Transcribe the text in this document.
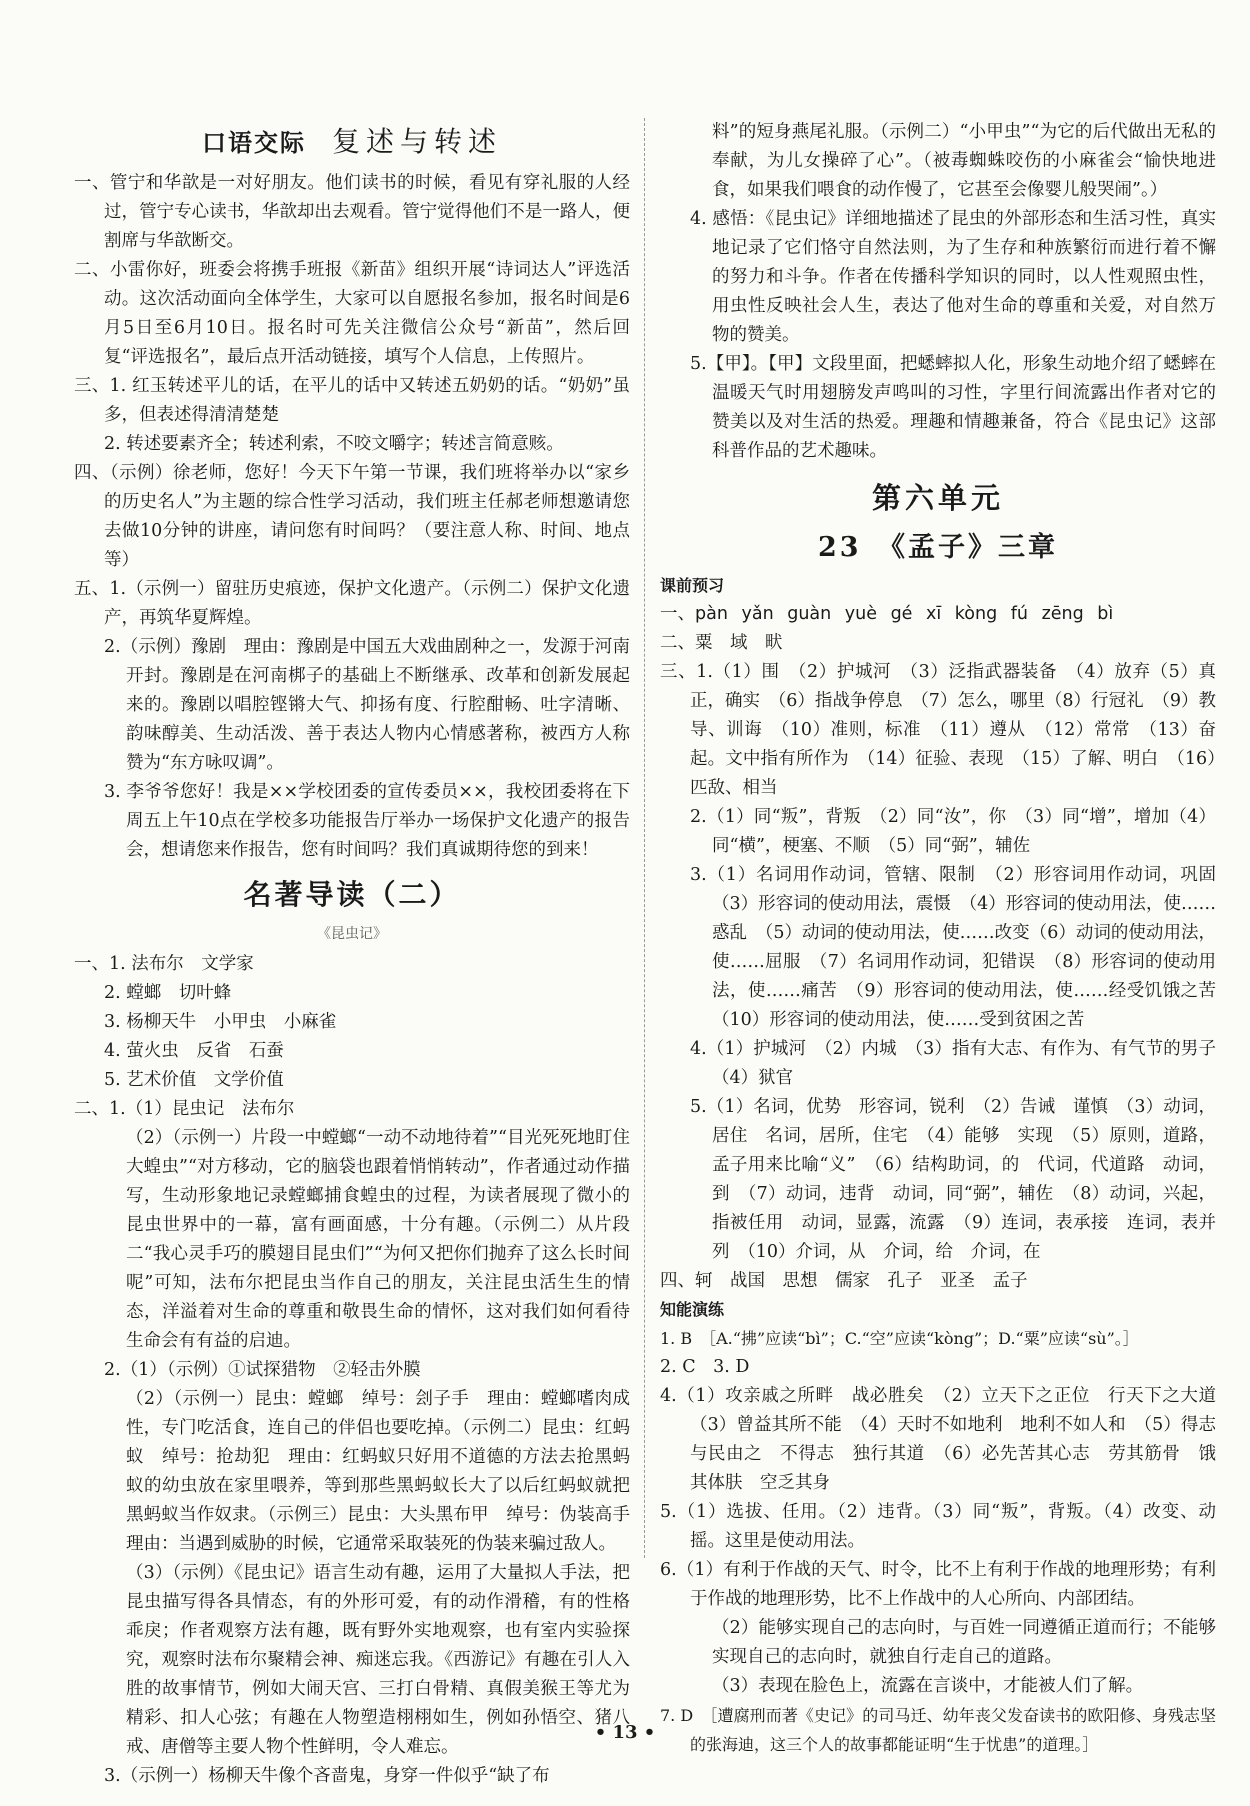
口语交际 复述与转述

一、管宁和华歆是一对好朋友。他们读书的时候，看见有穿礼服的人经过，管宁专心读书，华歆却出去观看。管宁觉得他们不是一路人，便割席与华歆断交。

二、小雷你好，班委会将携手班报《新苗》组织开展“诗词达人”评选活动。这次活动面向全体学生，大家可以自愿报名参加，报名时间是6月5日至6月10日。报名时可先关注微信公众号“新苗”，然后回复“评选报名”，最后点开活动链接，填写个人信息，上传照片。

三、1. 红玉转述平儿的话，在平儿的话中又转述五奶奶的话。“奶奶”虽多，但表述得清清楚楚

2. 转述要素齐全；转述利索，不咬文嚼字；转述言简意赅。

四、（示例）徐老师，您好！今天下午第一节课，我们班将举办以“家乡的历史名人”为主题的综合性学习活动，我们班主任郝老师想邀请您去做10分钟的讲座，请问您有时间吗？（要注意人称、时间、地点等）

五、1.（示例一）留驻历史痕迹，保护文化遗产。（示例二）保护文化遗产，再筑华夏辉煌。

2.（示例）豫剧　理由：豫剧是中国五大戏曲剧种之一，发源于河南开封。豫剧是在河南梆子的基础上不断继承、改革和创新发展起来的。豫剧以唱腔铿锵大气、抑扬有度、行腔酣畅、吐字清晰、韵味醇美、生动活泼、善于表达人物内心情感著称，被西方人称赞为“东方咏叹调”。

3. 李爷爷您好！我是××学校团委的宣传委员××，我校团委将在下周五上午10点在学校多功能报告厅举办一场保护文化遗产的报告会，想请您来作报告，您有时间吗？我们真诚期待您的到来！

名著导读（二）
《昆虫记》

一、1. 法布尔　文学家

2. 螳螂　切叶蜂

3. 杨柳天牛　小甲虫　小麻雀

4. 萤火虫　反省　石蚕

5. 艺术价值　文学价值

二、1.（1）昆虫记　法布尔

（2）（示例一）片段一中螳螂“一动不动地待着”“目光死死地盯住大蝗虫”“对方移动，它的脑袋也跟着悄悄转动”，作者通过动作描写，生动形象地记录螳螂捕食蝗虫的过程，为读者展现了微小的昆虫世界中的一幕，富有画面感，十分有趣。（示例二）从片段二“我心灵手巧的膜翅目昆虫们”“为何又把你们抛弃了这么长时间呢”可知，法布尔把昆虫当作自己的朋友，关注昆虫活生生的情态，洋溢着对生命的尊重和敬畏生命的情怀，这对我们如何看待生命会有有益的启迪。

2.（1）（示例）①试探猎物　②轻击外膜

（2）（示例一）昆虫：螳螂　绰号：刽子手　理由：螳螂嗜肉成性，专门吃活食，连自己的伴侣也要吃掉。（示例二）昆虫：红蚂蚁　绰号：抢劫犯　理由：红蚂蚁只好用不道德的方法去抢黑蚂蚁的幼虫放在家里喂养，等到那些黑蚂蚁长大了以后红蚂蚁就把黑蚂蚁当作奴隶。（示例三）昆虫：大头黑布甲　绰号：伪装高手　理由：当遇到威胁的时候，它通常采取装死的伪装来骗过敌人。

（3）（示例）《昆虫记》语言生动有趣，运用了大量拟人手法，把昆虫描写得各具情态，有的外形可爱，有的动作滑稽，有的性格乖戾；作者观察方法有趣，既有野外实地观察，也有室内实验探究，观察时法布尔聚精会神、痴迷忘我。《西游记》有趣在引人入胜的故事情节，例如大闹天宫、三打白骨精、真假美猴王等尤为精彩、扣人心弦；有趣在人物塑造栩栩如生，例如孙悟空、猪八戒、唐僧等主要人物个性鲜明，令人难忘。

3.（示例一）杨柳天牛像个吝啬鬼，身穿一件似乎“缺了布

料”的短身燕尾礼服。（示例二）“小甲虫”“为它的后代做出无私的奉献，为儿女操碎了心”。（被毒蜘蛛咬伤的小麻雀会“愉快地进食，如果我们喂食的动作慢了，它甚至会像婴儿般哭闹”。）

4. 感悟：《昆虫记》详细地描述了昆虫的外部形态和生活习性，真实地记录了它们恪守自然法则，为了生存和种族繁衍而进行着不懈的努力和斗争。作者在传播科学知识的同时，以人性观照虫性，用虫性反映社会人生，表达了他对生命的尊重和关爱，对自然万物的赞美。

5.【甲】。【甲】文段里面，把蟋蟀拟人化，形象生动地介绍了蟋蟀在温暖天气时用翅膀发声鸣叫的习性，字里行间流露出作者对它的赞美以及对生活的热爱。理趣和情趣兼备，符合《昆虫记》这部科普作品的艺术趣味。

第六单元
23　《孟子》三章
课前预习

一、pàn yǎn guàn yuè gé xī kòng fú zēng bì

二、粟　域　畎

三、1.（1）围　（2）护城河　（3）泛指武器装备　（4）放弃（5）真正，确实　（6）指战争停息　（7）怎么，哪里（8）行冠礼　（9）教导、训诲　（10）准则，标准　（11）遵从　（12）常常　（13）奋起。文中指有所作为　（14）征验、表现　（15）了解、明白　（16）匹敌、相当

2.（1）同“叛”，背叛　（2）同“汝”，你　（3）同“增”，增加（4）同“横”，梗塞、不顺　（5）同“弼”，辅佐

3.（1）名词用作动词，管辖、限制　（2）形容词用作动词，巩固　（3）形容词的使动用法，震慑　（4）形容词的使动用法，使……惑乱　（5）动词的使动用法，使……改变（6）动词的使动用法，使……屈服　（7）名词用作动词，犯错误　（8）形容词的使动用法，使……痛苦　（9）形容词的使动用法，使……经受饥饿之苦　（10）形容词的使动用法，使……受到贫困之苦

4.（1）护城河　（2）内城　（3）指有大志、有作为、有气节的男子　（4）狱官

5.（1）名词，优势　形容词，锐利　（2）告诫　谨慎　（3）动词，居住　名词，居所，住宅　（4）能够　实现　（5）原则，道路，孟子用来比喻“义”　（6）结构助词，的　代词，代道路　动词，到　（7）动词，违背　动词，同“弼”，辅佐　（8）动词，兴起，指被任用　动词，显露，流露　（9）连词，表承接　连词，表并列　（10）介词，从　介词，给　介词，在

四、轲　战国　思想　儒家　孔子　亚圣　孟子

知能演练

1. B　［A.“拂”应读“bì”；C.“空”应读“kòng”；D.“粟”应读“sù”。］

2. C　3. D

4.（1）攻亲戚之所畔　战必胜矣　（2）立天下之正位　行天下之大道　（3）曾益其所不能　（4）天时不如地利　地利不如人和　（5）得志　与民由之　不得志　独行其道　（6）必先苦其心志　劳其筋骨　饿其体肤　空乏其身

5.（1）选拔、任用。（2）违背。（3）同“叛”，背叛。（4）改变、动摇。这里是使动用法。

6.（1）有利于作战的天气、时令，比不上有利于作战的地理形势；有利于作战的地理形势，比不上作战中的人心所向、内部团结。

（2）能够实现自己的志向时，与百姓一同遵循正道而行；不能够实现自己的志向时，就独自行走自己的道路。

（3）表现在脸色上，流露在言谈中，才能被人们了解。

7. D　［遭腐刑而著《史记》的司马迁、幼年丧父发奋读书的欧阳修、身残志坚的张海迪，这三个人的故事都能证明“生于忧患”的道理。］

• 13 •
